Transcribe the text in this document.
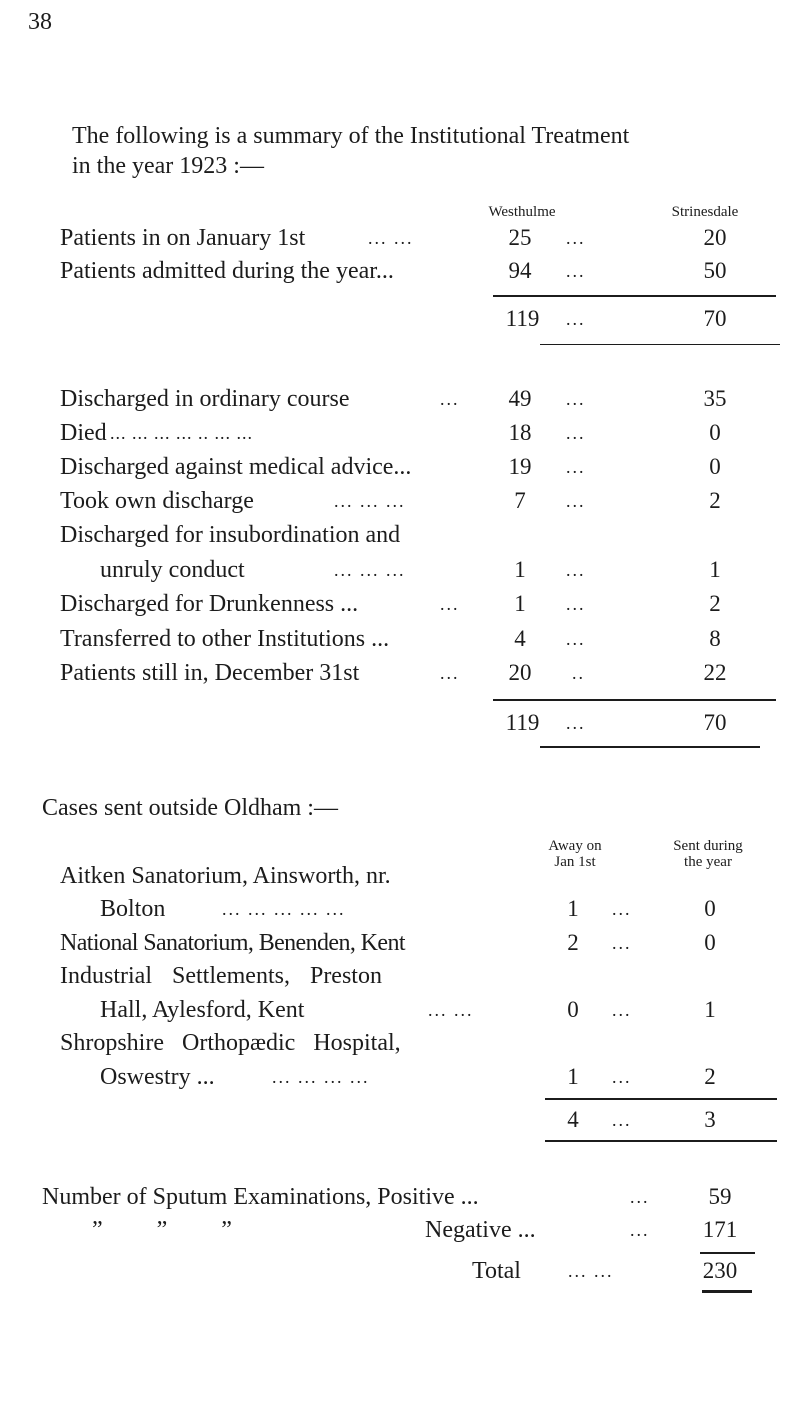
38
The following is a summary of the Institutional Treatment
in the year 1923 :—
Westhulme	Strinesdale
Patients in on January 1st	... ...	25	...	20
Patients admitted during the year...	94	...	50
119	...	70
Discharged in ordinary course	...	49	...	35
Died ... ... ... ... .. ... ...	18	...	0
Discharged against medical advice...	19	...	0
Took own discharge	... ... ...	7	...	2
Discharged for insubordination and
unruly conduct	... ... ...	1	...	1
Discharged for Drunkenness ...	...	1	...	2
Transferred to other Institutions ...	4	...	8
Patients still in, December 31st	...	20	..	22
119	...	70
Cases sent outside Oldham :—
Away on
Jan 1st
Sent during
the year
Aitken Sanatorium, Ainsworth, nr.
Bolton	... ... ... ... ...	1	...	0
National Sanatorium, Benenden, Kent	2	...	0
Industrial Settlements, Preston
Hall, Aylesford, Kent	... ...	0	...	1
Shropshire Orthopædic Hospital,
Oswestry ...	... ... ... ...	1	...	2
4	...	3
Number of Sputum Examinations, Positive ...	...	59
”         ”         ”	Negative ...	...	171
Total	... ...	230
